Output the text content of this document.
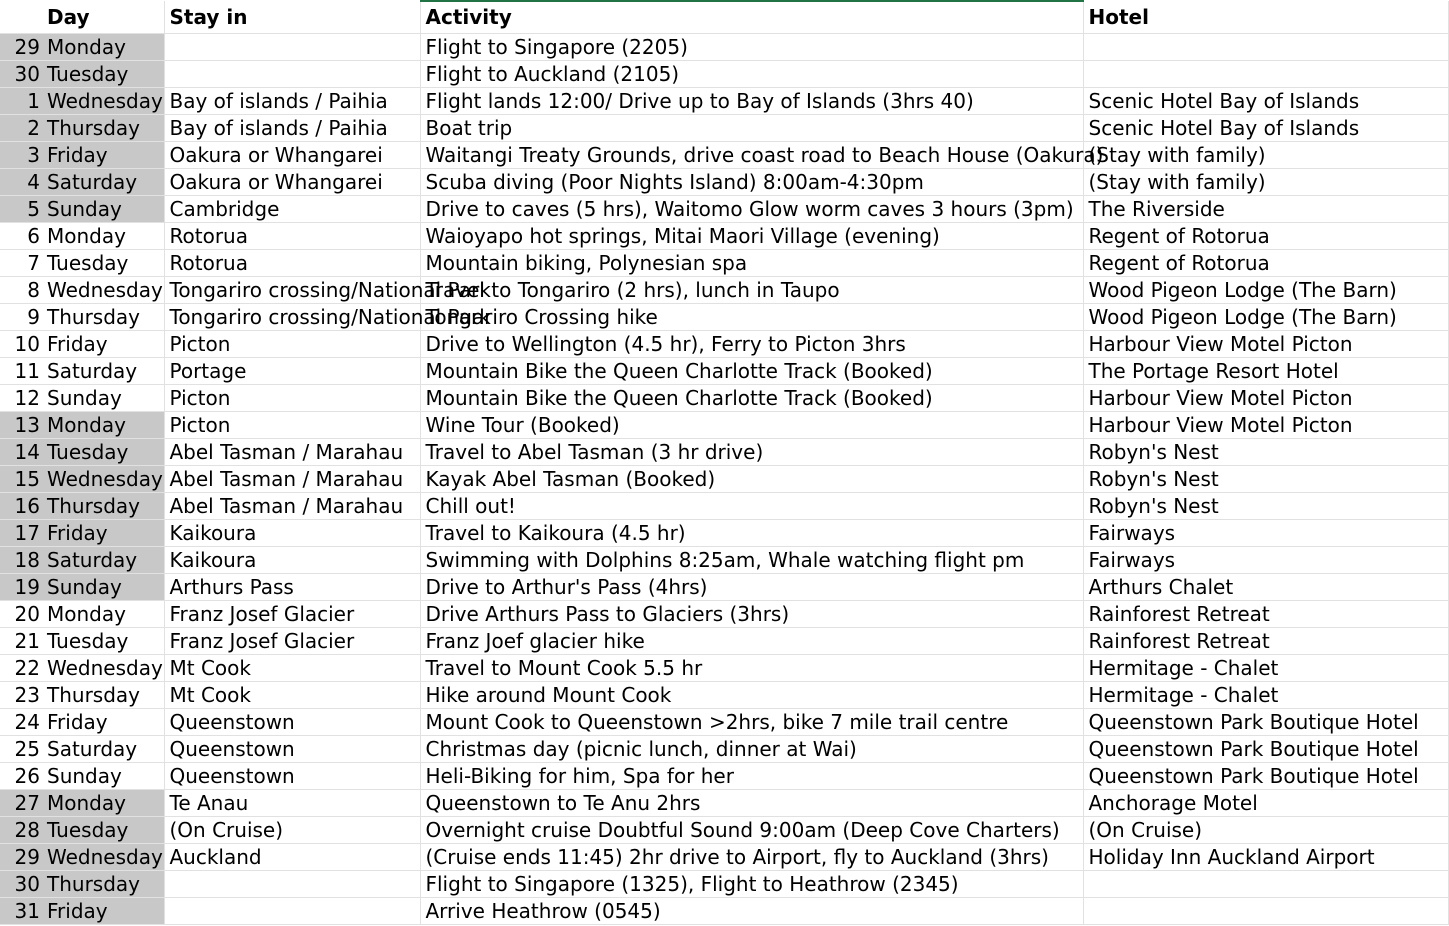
	Day	Stay in	Activity	Hotel
29	Monday		Flight to Singapore (2205)	
30	Tuesday		Flight to Auckland (2105)	
1	Wednesday	Bay of islands / Paihia	Flight lands 12:00/ Drive up to Bay of Islands (3hrs 40)	Scenic Hotel Bay of Islands
2	Thursday	Bay of islands / Paihia	Boat trip	Scenic Hotel Bay of Islands
3	Friday	Oakura or Whangarei	Waitangi Treaty Grounds, drive coast road to Beach House (Oakura)	(Stay with family)
4	Saturday	Oakura or Whangarei	Scuba diving (Poor Nights Island) 8:00am-4:30pm	(Stay with family)
5	Sunday	Cambridge	Drive to caves (5 hrs), Waitomo Glow worm caves 3 hours (3pm)	The Riverside
6	Monday	Rotorua	Waioyapo hot springs, Mitai Maori Village (evening)	Regent of Rotorua
7	Tuesday	Rotorua	Mountain biking, Polynesian spa	Regent of Rotorua
8	Wednesday	Tongariro crossing/National Park	Travel to Tongariro (2 hrs), lunch in Taupo	Wood Pigeon Lodge (The Barn)
9	Thursday	Tongariro crossing/National Park	Tongariro Crossing hike	Wood Pigeon Lodge (The Barn)
10	Friday	Picton	Drive to Wellington (4.5 hr), Ferry to Picton 3hrs	Harbour View Motel Picton
11	Saturday	Portage	Mountain Bike the Queen Charlotte Track (Booked)	The Portage Resort Hotel
12	Sunday	Picton	Mountain Bike the Queen Charlotte Track (Booked)	Harbour View Motel Picton
13	Monday	Picton	Wine Tour (Booked)	Harbour View Motel Picton
14	Tuesday	Abel Tasman / Marahau	Travel to Abel Tasman (3 hr drive)	Robyn's Nest
15	Wednesday	Abel Tasman / Marahau	Kayak Abel Tasman (Booked)	Robyn's Nest
16	Thursday	Abel Tasman / Marahau	Chill out!	Robyn's Nest
17	Friday	Kaikoura	Travel to Kaikoura (4.5 hr)	Fairways
18	Saturday	Kaikoura	Swimming with Dolphins 8:25am, Whale watching flight pm	Fairways
19	Sunday	Arthurs Pass	Drive to Arthur's Pass (4hrs)	Arthurs Chalet
20	Monday	Franz Josef Glacier	Drive Arthurs Pass to Glaciers (3hrs)	Rainforest Retreat
21	Tuesday	Franz Josef Glacier	Franz Joef glacier hike	Rainforest Retreat
22	Wednesday	Mt Cook	Travel to Mount Cook 5.5 hr	Hermitage - Chalet
23	Thursday	Mt Cook	Hike around Mount Cook	Hermitage - Chalet
24	Friday	Queenstown	Mount Cook to Queenstown >2hrs, bike 7 mile trail centre	Queenstown Park Boutique Hotel
25	Saturday	Queenstown	Christmas day (picnic lunch, dinner at Wai)	Queenstown Park Boutique Hotel
26	Sunday	Queenstown	Heli-Biking for him, Spa for her	Queenstown Park Boutique Hotel
27	Monday	Te Anau	Queenstown to Te Anu 2hrs	Anchorage Motel
28	Tuesday	(On Cruise)	Overnight cruise Doubtful Sound 9:00am (Deep Cove Charters)	(On Cruise)
29	Wednesday	Auckland	(Cruise ends 11:45) 2hr drive to Airport, fly to Auckland (3hrs)	Holiday Inn Auckland Airport
30	Thursday		Flight to Singapore (1325), Flight to Heathrow (2345)	
31	Friday		Arrive Heathrow (0545)	
